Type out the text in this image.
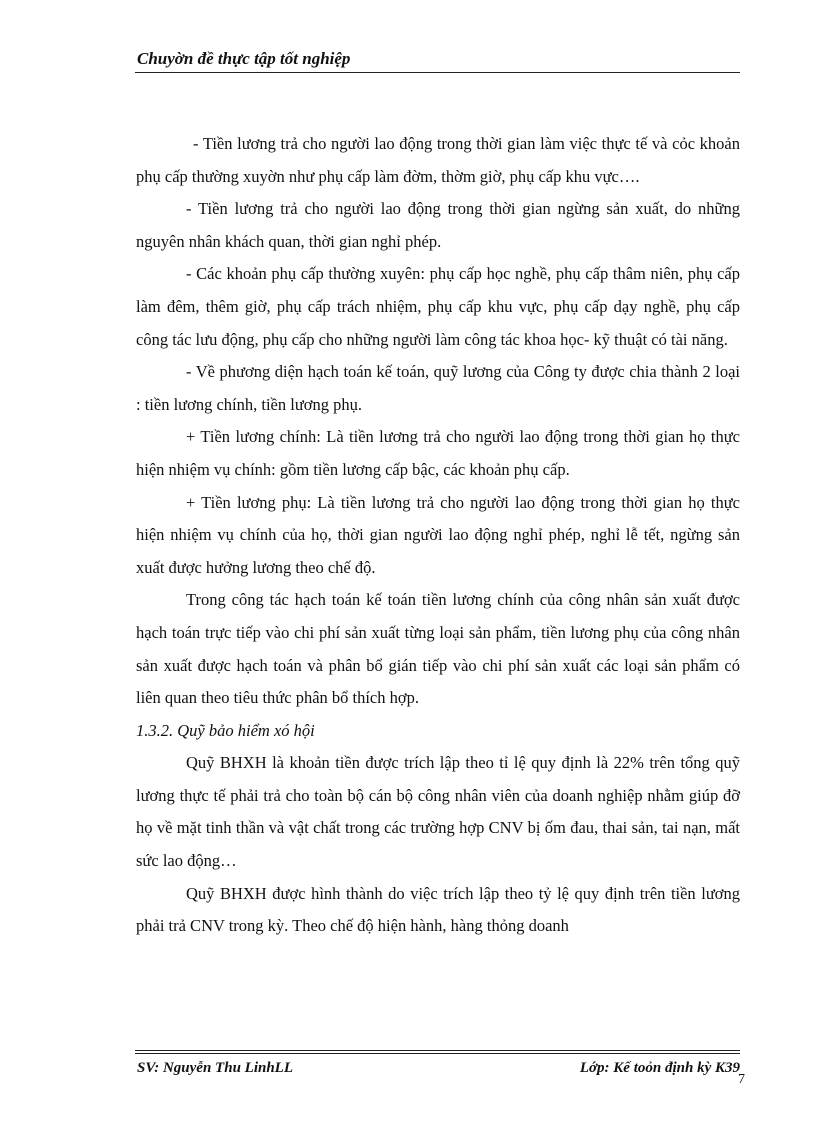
Chuyờn đề thực tập tốt nghiệp

- Tiền lương trả cho người lao động trong thời gian làm việc thực tế và cỏc khoản phụ cấp thường xuyờn như phụ cấp làm đờm, thờm giờ, phụ cấp khu vực….

- Tiền lương trả cho người lao động trong thời gian ngừng sản xuất, do những nguyên nhân khách quan, thời gian nghỉ phép.

- Các khoản phụ cấp thường xuyên: phụ cấp học nghề, phụ cấp thâm niên, phụ cấp làm đêm, thêm giờ, phụ cấp trách nhiệm, phụ cấp khu vực, phụ cấp dạy nghề, phụ cấp công tác lưu động, phụ cấp cho những người làm công tác khoa học- kỹ thuật có tài năng.

- Về phương diện hạch toán kế toán, quỹ lương của Công ty được chia thành 2 loại : tiền lương chính, tiền lương phụ.

+ Tiền lương chính: Là tiền lương trả cho người lao động trong thời gian họ thực hiện nhiệm vụ chính: gồm tiền lương cấp bậc, các khoản phụ cấp.

+ Tiền lương phụ: Là tiền lương trả cho người lao động trong thời gian họ thực hiện nhiệm vụ chính của họ, thời gian người lao động nghỉ phép, nghỉ lễ tết, ngừng sản xuất được hưởng lương theo chế độ.

Trong công tác hạch toán kế toán tiền lương chính của công nhân sản xuất được hạch toán trực tiếp vào chi phí sản xuất từng loại sản phẩm, tiền lương phụ của công nhân sản xuất được hạch toán và phân bổ gián tiếp vào chi phí sản xuất các loại sản phẩm có liên quan theo tiêu thức phân bổ thích hợp.

1.3.2. Quỹ bảo hiểm xó hội

Quỹ BHXH là khoản tiền được trích lập theo tỉ lệ quy định là 22% trên tổng quỹ lương thực tế phải trả cho toàn bộ cán bộ công nhân viên của doanh nghiệp nhằm giúp đỡ họ về mặt tinh thần và vật chất trong các trường hợp CNV bị ốm đau, thai sản, tai nạn, mất sức lao động…

Quỹ BHXH được hình thành do việc trích lập theo tỷ lệ quy định trên tiền lương phải trả CNV trong kỳ. Theo chế độ hiện hành, hàng thỏng doanh

SV: Nguyễn Thu LinhLL	Lớp: Kế toỏn định kỳ K39
7
